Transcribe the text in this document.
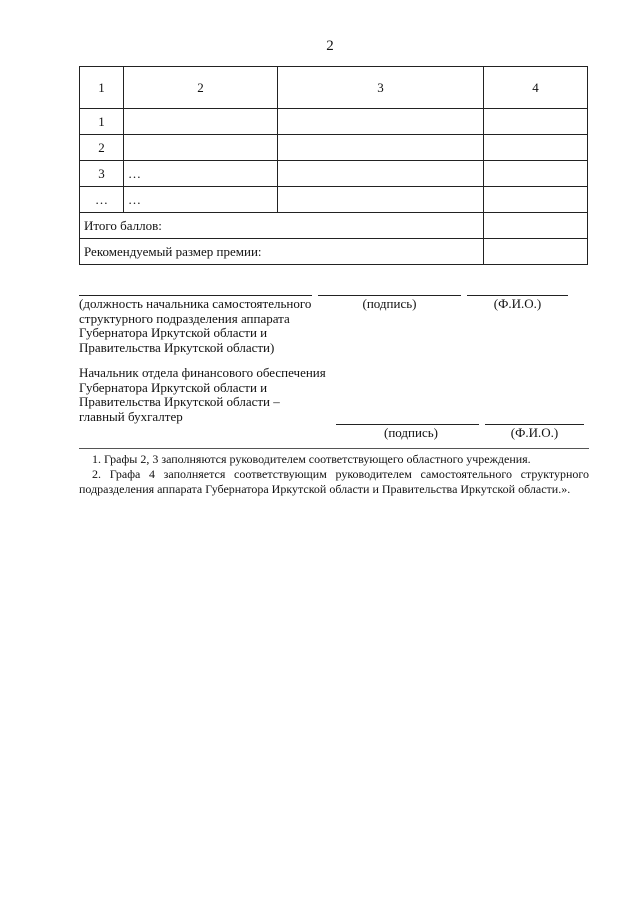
2
1	2	3	4
1			
2			
3	…		
…	…		
Итого баллов:			
Рекомендуемый размер премии:			
(должность начальника самостоятельного
структурного подразделения аппарата
Губернатора Иркутской области и
Правительства Иркутской области)
(подпись)	(Ф.И.О.)
Начальник отдела финансового обеспечения
Губернатора Иркутской области и
Правительства Иркутской области –
главный бухгалтер
(подпись)	(Ф.И.О.)
1. Графы 2, 3 заполняются руководителем соответствующего областного учреждения.
2. Графа 4 заполняется соответствующим руководителем самостоятельного структурного подразделения аппарата Губернатора Иркутской области и Правительства Иркутской области.».
